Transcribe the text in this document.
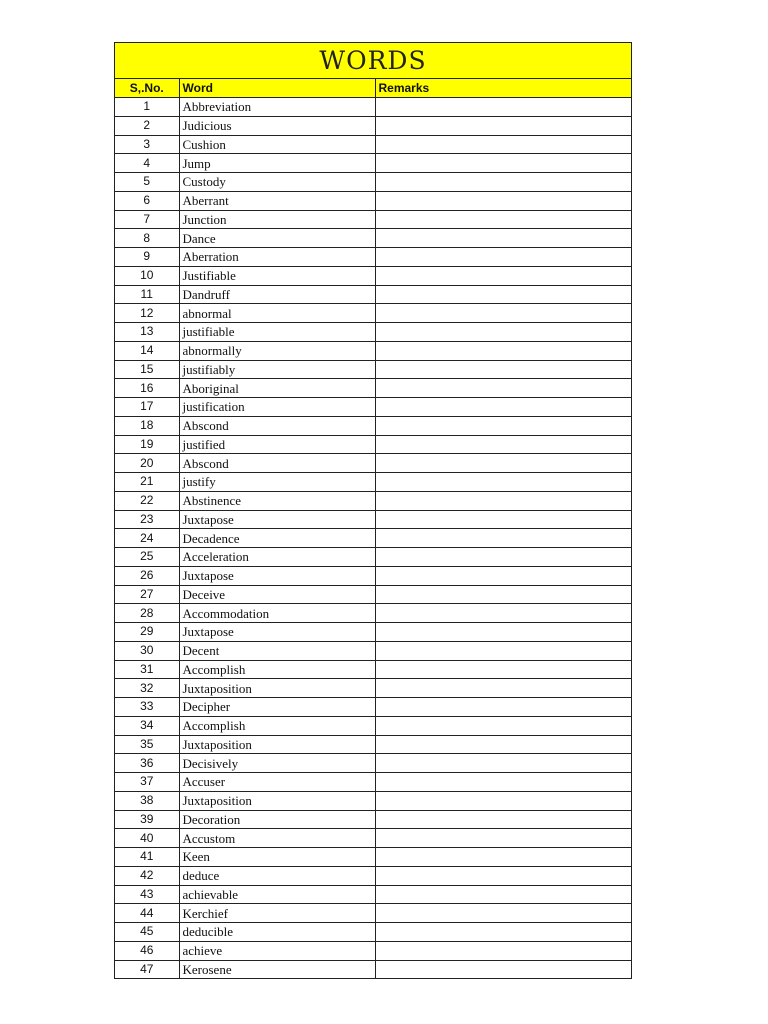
WORDS
S,.No.	Word	Remarks
1	Abbreviation	
2	Judicious	
3	Cushion	
4	Jump	
5	Custody	
6	Aberrant	
7	Junction	
8	Dance	
9	Aberration	
10	Justifiable	
11	Dandruff	
12	abnormal	
13	justifiable	
14	abnormally	
15	justifiably	
16	Aboriginal	
17	justification	
18	Abscond	
19	justified	
20	Abscond	
21	justify	
22	Abstinence	
23	Juxtapose	
24	Decadence	
25	Acceleration	
26	Juxtapose	
27	Deceive	
28	Accommodation	
29	Juxtapose	
30	Decent	
31	Accomplish	
32	Juxtaposition	
33	Decipher	
34	Accomplish	
35	Juxtaposition	
36	Decisively	
37	Accuser	
38	Juxtaposition	
39	Decoration	
40	Accustom	
41	Keen	
42	deduce	
43	achievable	
44	Kerchief	
45	deducible	
46	achieve	
47	Kerosene	
